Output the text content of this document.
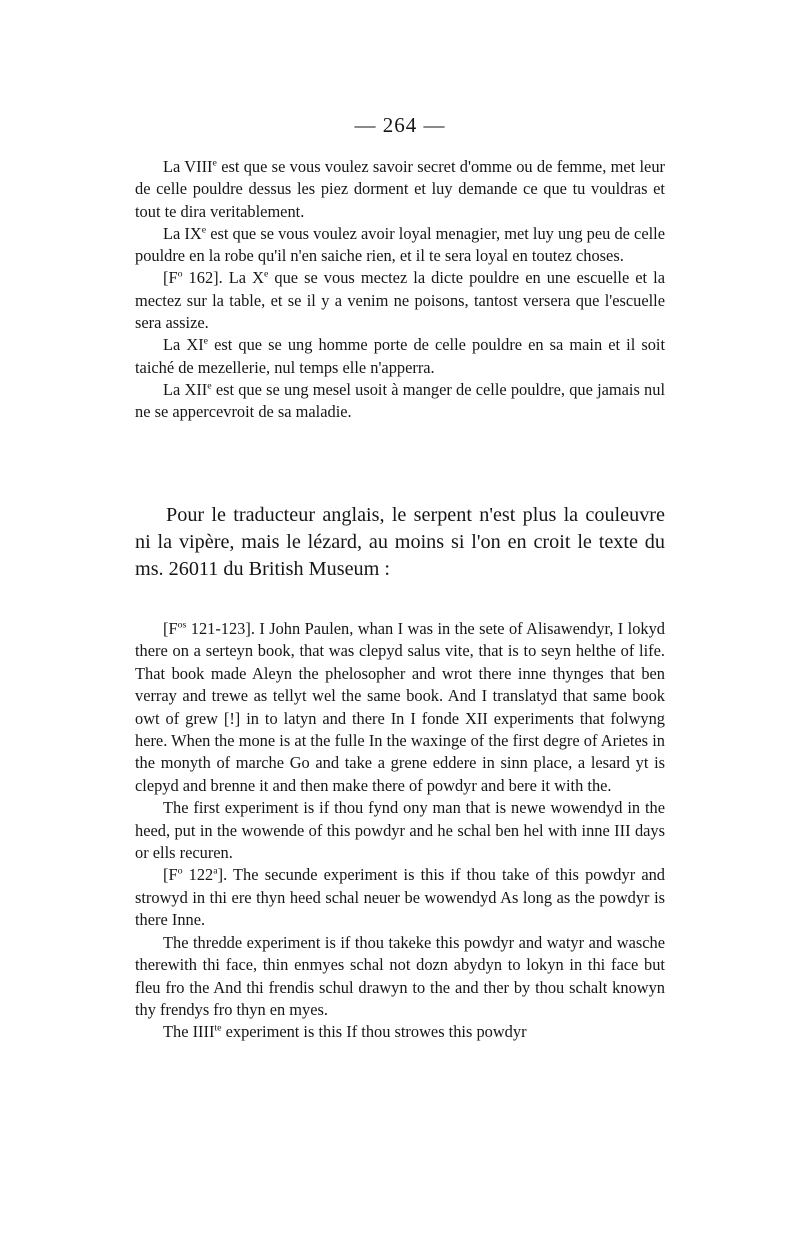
— 264 —

La VIIIe est que se vous voulez savoir secret d'omme ou de femme, met leur de celle pouldre dessus les piez dorment et luy demande ce que tu vouldras et tout te dira veritablement.

La IXe est que se vous voulez avoir loyal menagier, met luy ung peu de celle pouldre en la robe qu'il n'en saiche rien, et il te sera loyal en toutez choses.

[$F^o$ 162]. La Xe que se vous mectez la dicte pouldre en une escuelle et la mectez sur la table, et se il y a venim ne poisons, tantost versera que l'escuelle sera assize.

La XIe est que se ung homme porte de celle pouldre en sa main et il soit taiché de mezellerie, nul temps elle n'apperra.

La XIIe est que se ung mesel usoit à manger de celle pouldre, que jamais nul ne se appercevroit de sa maladie.

Pour le traducteur anglais, le serpent n'est plus la couleuvre ni la vipère, mais le lézard, au moins si l'on en croit le texte du ms. 26011 du British Museum :

[$F^{os}$ 121-123]. I John Paulen, whan I was in the sete of Alisawendyr, I lokyd there on a serteyn book, that was clepyd salus vite, that is to seyn helthe of life. That book made Aleyn the phelosopher and wrot there inne thynges that ben verray and trewe as tellyt wel the same book. And I translatyd that same book owt of grew [!] in to latyn and there In I fonde XII experiments that folwyng here. When the mone is at the fulle In the waxinge of the first degre of Arietes in the monyth of marche Go and take a grene eddere in sinn place, a lesard yt is clepyd and brenne it and then make there of powdyr and bere it with the.

The first experiment is if thou fynd ony man that is newe wowendyd in the heed, put in the wowende of this powdyr and he schal ben hel with inne III days or ells recuren.

[$F^o$ 122$^a$]. The secunde experiment is this if thou take of this powdyr and strowyd in thi ere thyn heed schal neuer be wowendyd As long as the powdyr is there Inne.

The thredde experiment is if thou takeke this powdyr and watyr and wasche therewith thi face, thin enmyes schal not dozn abydyn to lokyn in thi face but fleu fro the And thi frendis schul drawyn to the and ther by thou schalt knowyn thy frendys fro thyn en myes.

The $IIII^{te}$ experiment is this If thou strowes this powdyr
